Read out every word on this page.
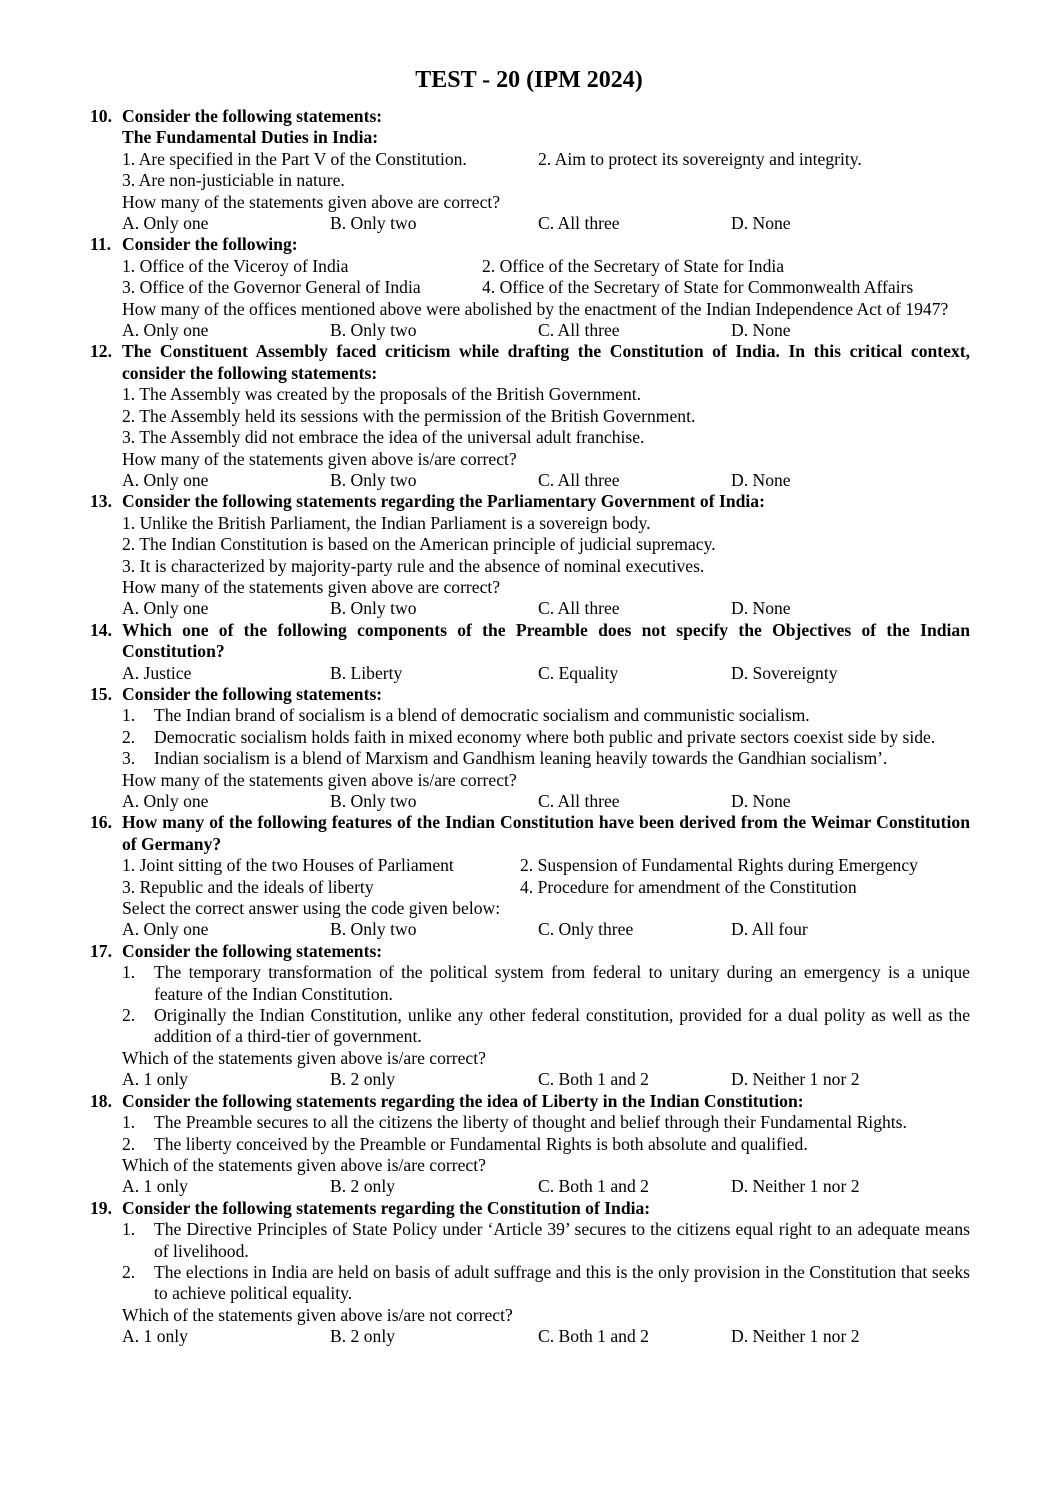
TEST - 20 (IPM 2024)
10. Consider the following statements:
The Fundamental Duties in India:
1. Are specified in the Part V of the Constitution.	2. Aim to protect its sovereignty and integrity.
3. Are non-justiciable in nature.
How many of the statements given above are correct?
A. Only one	B. Only two	C. All three	D. None
11. Consider the following:
1. Office of the Viceroy of India	2. Office of the Secretary of State for India
3. Office of the Governor General of India	4. Office of the Secretary of State for Commonwealth Affairs
How many of the offices mentioned above were abolished by the enactment of the Indian Independence Act of 1947?
A. Only one	B. Only two	C. All three	D. None
12. The Constituent Assembly faced criticism while drafting the Constitution of India. In this critical context, consider the following statements:
1. The Assembly was created by the proposals of the British Government.
2. The Assembly held its sessions with the permission of the British Government.
3. The Assembly did not embrace the idea of the universal adult franchise.
How many of the statements given above is/are correct?
A. Only one	B. Only two	C. All three	D. None
13. Consider the following statements regarding the Parliamentary Government of India:
1. Unlike the British Parliament, the Indian Parliament is a sovereign body.
2. The Indian Constitution is based on the American principle of judicial supremacy.
3. It is characterized by majority-party rule and the absence of nominal executives.
How many of the statements given above are correct?
A. Only one	B. Only two	C. All three	D. None
14. Which one of the following components of the Preamble does not specify the Objectives of the Indian Constitution?
A. Justice	B. Liberty	C. Equality	D. Sovereignty
15. Consider the following statements:
1. The Indian brand of socialism is a blend of democratic socialism and communistic socialism.
2. Democratic socialism holds faith in mixed economy where both public and private sectors coexist side by side.
3. Indian socialism is a blend of Marxism and Gandhism leaning heavily towards the Gandhian socialism’.
How many of the statements given above is/are correct?
A. Only one	B. Only two	C. All three	D. None
16. How many of the following features of the Indian Constitution have been derived from the Weimar Constitution of Germany?
1. Joint sitting of the two Houses of Parliament	2. Suspension of Fundamental Rights during Emergency
3. Republic and the ideals of liberty	4. Procedure for amendment of the Constitution
Select the correct answer using the code given below:
A. Only one	B. Only two	C. Only three	D. All four
17. Consider the following statements:
1. The temporary transformation of the political system from federal to unitary during an emergency is a unique feature of the Indian Constitution.
2. Originally the Indian Constitution, unlike any other federal constitution, provided for a dual polity as well as the addition of a third-tier of government.
Which of the statements given above is/are correct?
A. 1 only	B. 2 only	C. Both 1 and 2	D. Neither 1 nor 2
18. Consider the following statements regarding the idea of Liberty in the Indian Constitution:
1. The Preamble secures to all the citizens the liberty of thought and belief through their Fundamental Rights.
2. The liberty conceived by the Preamble or Fundamental Rights is both absolute and qualified.
Which of the statements given above is/are correct?
A. 1 only	B. 2 only	C. Both 1 and 2	D. Neither 1 nor 2
19. Consider the following statements regarding the Constitution of India:
1. The Directive Principles of State Policy under ‘Article 39’ secures to the citizens equal right to an adequate means of livelihood.
2. The elections in India are held on basis of adult suffrage and this is the only provision in the Constitution that seeks to achieve political equality.
Which of the statements given above is/are not correct?
A. 1 only	B. 2 only	C. Both 1 and 2	D. Neither 1 nor 2
